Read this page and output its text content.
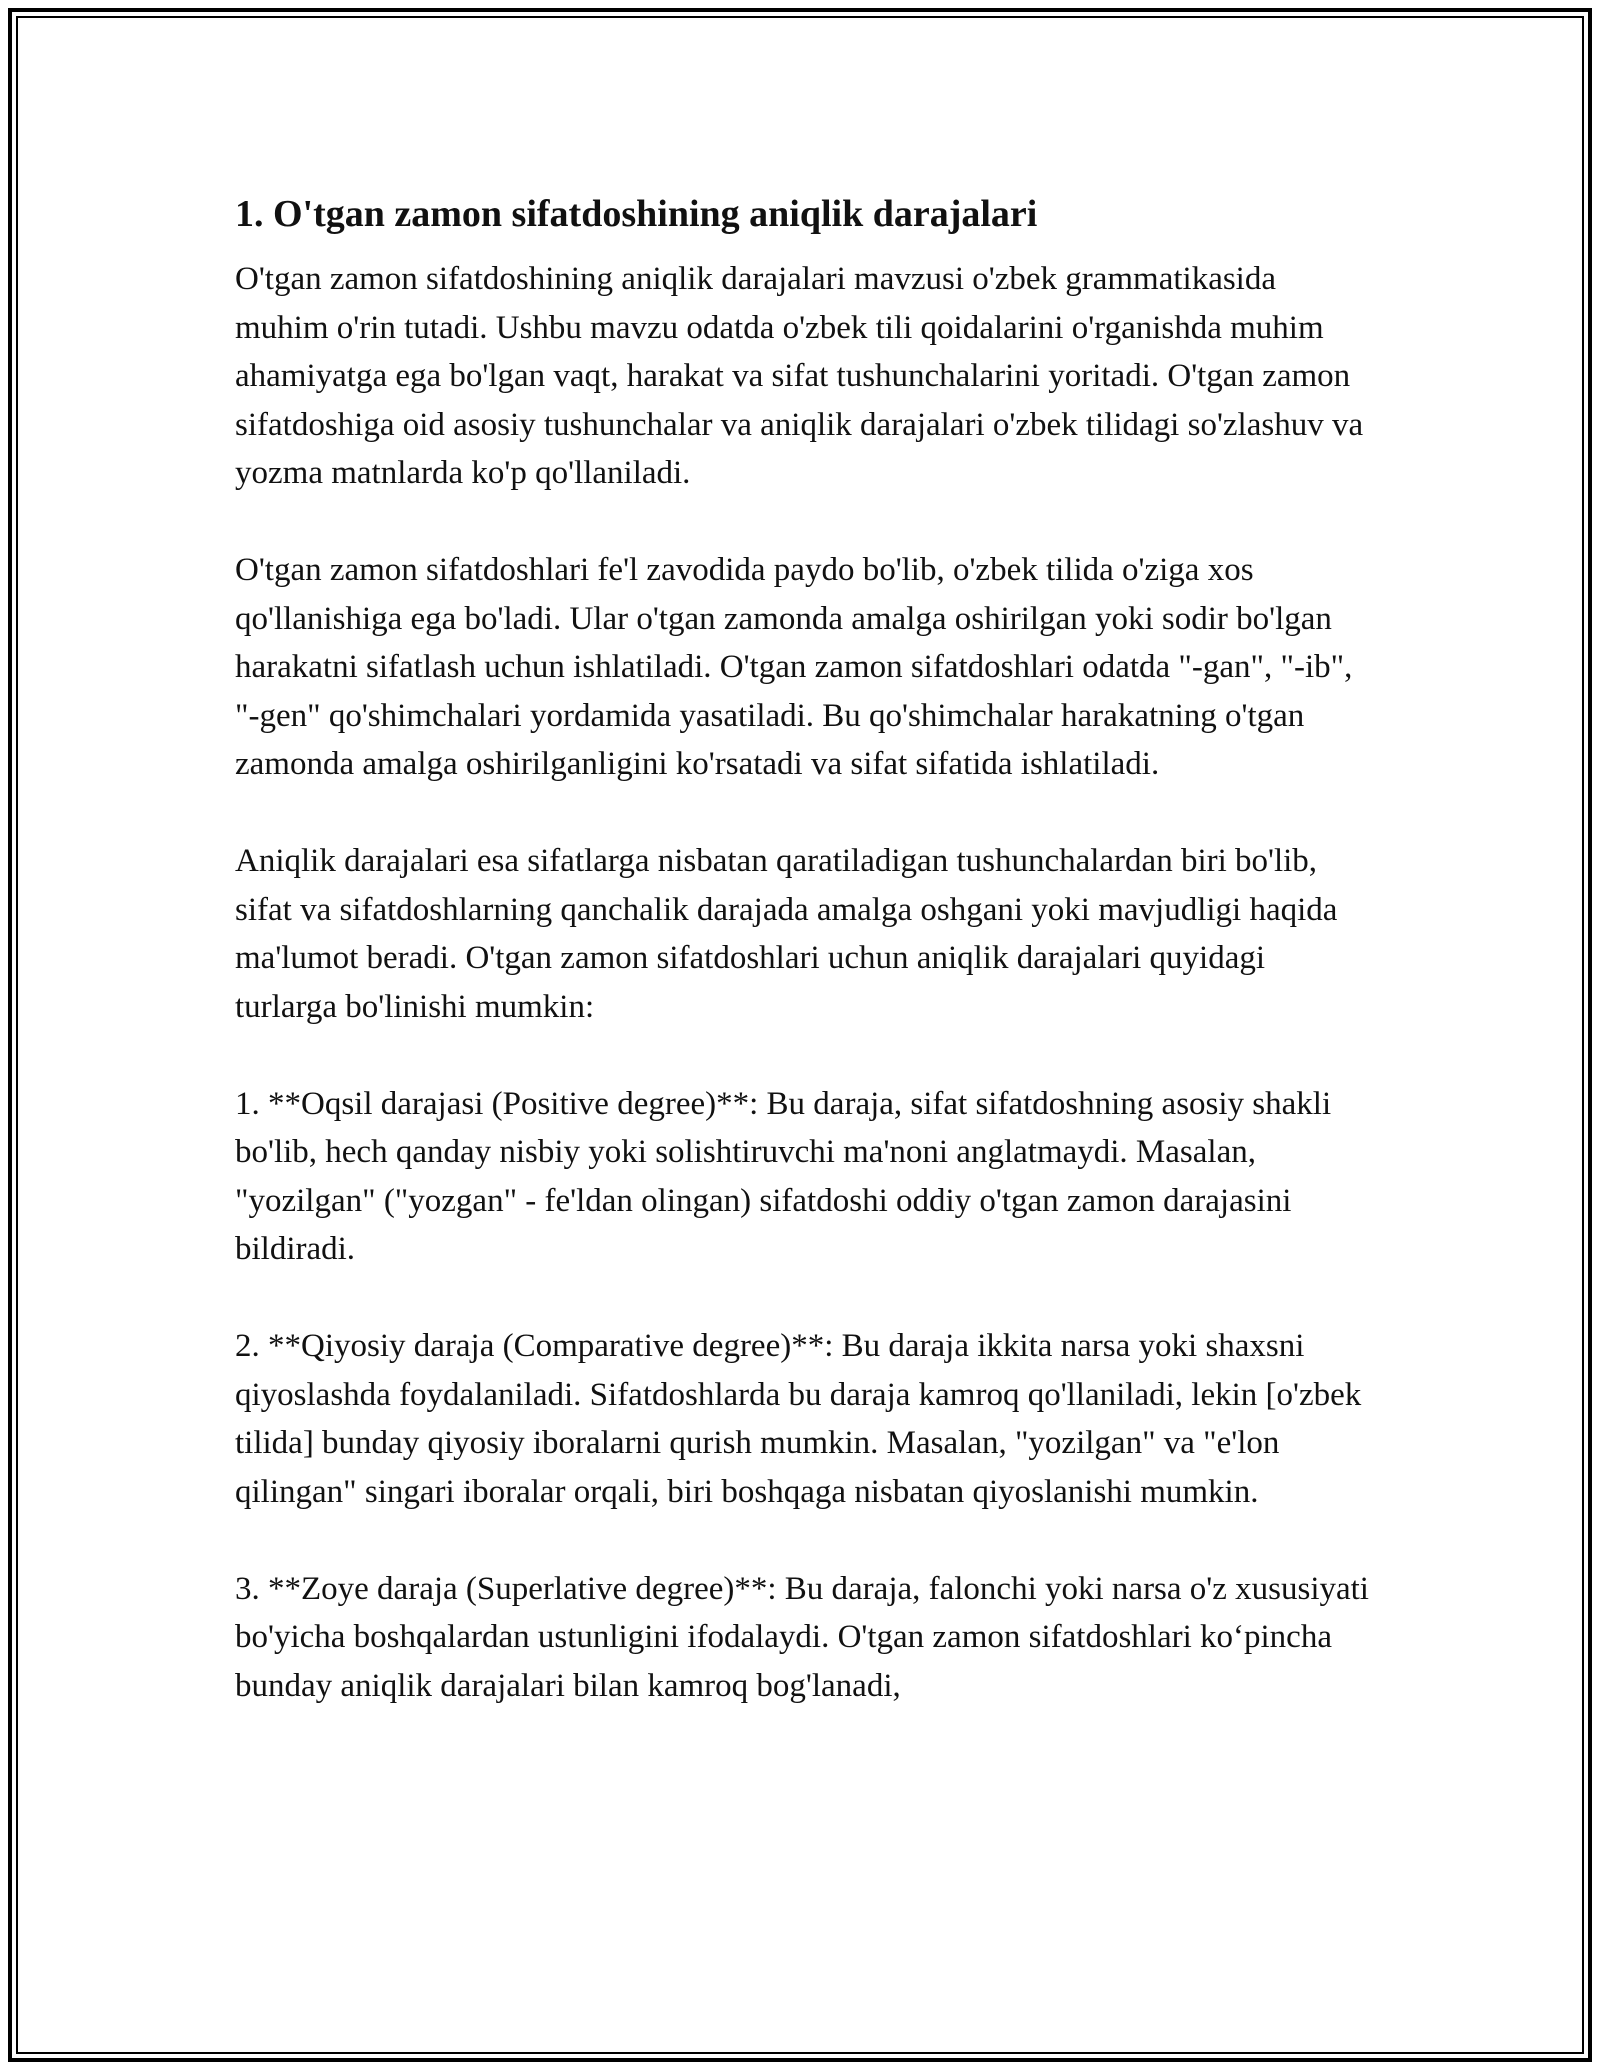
1. O'tgan zamon sifatdoshining aniqlik darajalari

O'tgan zamon sifatdoshining aniqlik darajalari mavzusi o'zbek grammatikasida muhim o'rin tutadi. Ushbu mavzu odatda o'zbek tili qoidalarini o'rganishda muhim ahamiyatga ega bo'lgan vaqt, harakat va sifat tushunchalarini yoritadi. O'tgan zamon sifatdoshiga oid asosiy tushunchalar va aniqlik darajalari o'zbek tilidagi so'zlashuv va yozma matnlarda ko'p qo'llaniladi.

O'tgan zamon sifatdoshlari fe'l zavodida paydo bo'lib, o'zbek tilida o'ziga xos qo'llanishiga ega bo'ladi. Ular o'tgan zamonda amalga oshirilgan yoki sodir bo'lgan harakatni sifatlash uchun ishlatiladi. O'tgan zamon sifatdoshlari odatda "-gan", "-ib", "-gen" qo'shimchalari yordamida yasatiladi. Bu qo'shimchalar harakatning o'tgan zamonda amalga oshirilganligini ko'rsatadi va sifat sifatida ishlatiladi.

Aniqlik darajalari esa sifatlarga nisbatan qaratiladigan tushunchalardan biri bo'lib, sifat va sifatdoshlarning qanchalik darajada amalga oshgani yoki mavjudligi haqida ma'lumot beradi. O'tgan zamon sifatdoshlari uchun aniqlik darajalari quyidagi turlarga bo'linishi mumkin:

1. **Oqsil darajasi (Positive degree)**: Bu daraja, sifat sifatdoshning asosiy shakli bo'lib, hech qanday nisbiy yoki solishtiruvchi ma'noni anglatmaydi. Masalan, "yozilgan" ("yozgan" - fe'ldan olingan) sifatdoshi oddiy o'tgan zamon darajasini bildiradi.

2. **Qiyosiy daraja (Comparative degree)**: Bu daraja ikkita narsa yoki shaxsni qiyoslashda foydalaniladi. Sifatdoshlarda bu daraja kamroq qo'llaniladi, lekin [o'zbek tilida] bunday qiyosiy iboralarni qurish mumkin. Masalan, "yozilgan" va "e'lon qilingan" singari iboralar orqali, biri boshqaga nisbatan qiyoslanishi mumkin.

3. **Zoye daraja (Superlative degree)**: Bu daraja, falonchi yoki narsa o'z xususiyati bo'yicha boshqalardan ustunligini ifodalaydi. O'tgan zamon sifatdoshlari ko‘pincha bunday aniqlik darajalari bilan kamroq bog'lanadi,
